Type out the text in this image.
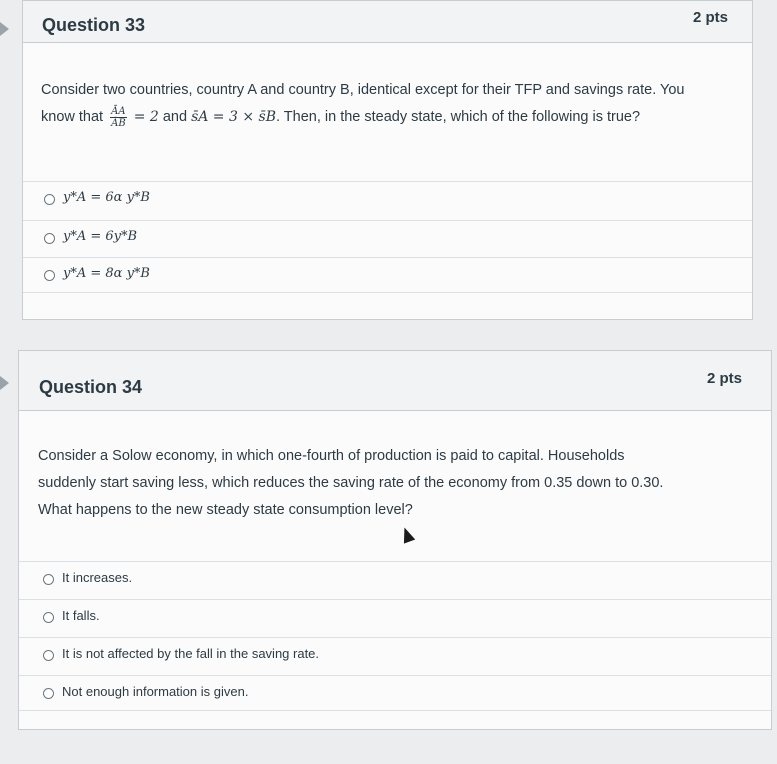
Question 33	2 pts
Consider two countries, country A and country B, identical except for their TFP and savings rate. You
know that $\frac{ĀA}{ĀB} = 2$ and s̄A = 3 × s̄B. Then, in the steady state, which of the following is true?
y*A = 6α y*B
y*A = 6y*B
y*A = 8α y*B
Question 34	2 pts
Consider a Solow economy, in which one-fourth of production is paid to capital. Households
suddenly start saving less, which reduces the saving rate of the economy from 0.35 down to 0.30.
What happens to the new steady state consumption level?
It increases.
It falls.
It is not affected by the fall in the saving rate.
Not enough information is given.
